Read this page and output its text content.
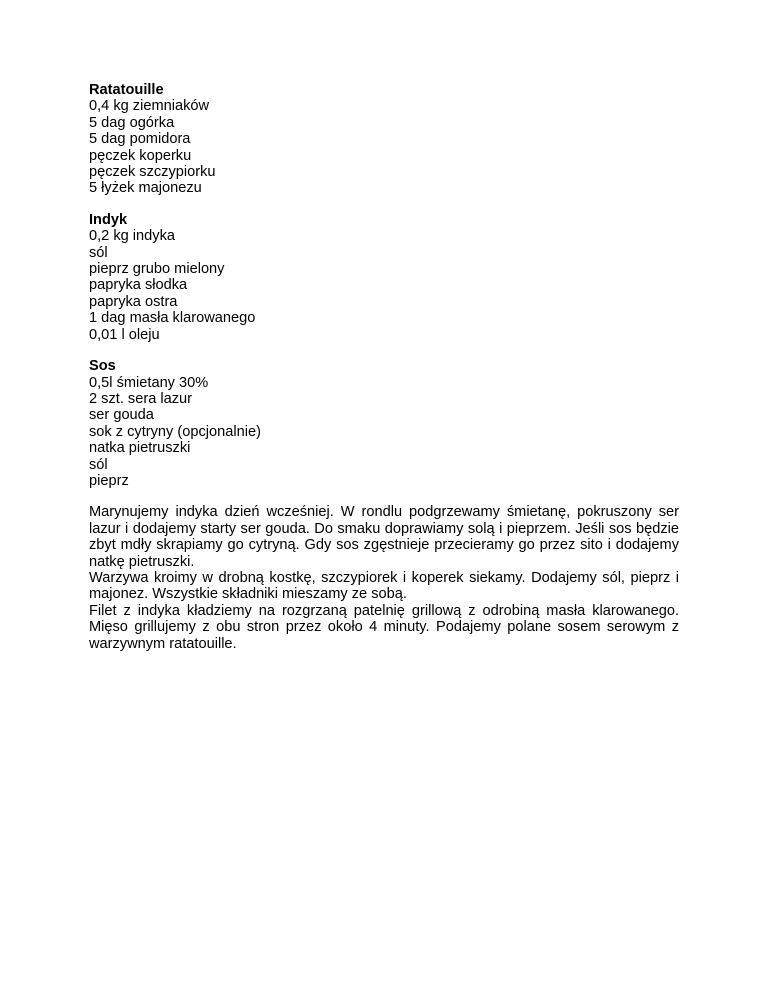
Ratatouille
0,4 kg ziemniaków
5 dag ogórka
5 dag pomidora
pęczek koperku
pęczek szczypiorku
5 łyżek majonezu
Indyk
0,2 kg indyka
sól
pieprz grubo mielony
papryka słodka
papryka ostra
1 dag masła klarowanego
0,01 l oleju
Sos
0,5l śmietany 30%
2 szt. sera lazur
ser gouda
sok z cytryny (opcjonalnie)
natka pietruszki
sól
pieprz

Marynujemy indyka dzień wcześniej. W rondlu podgrzewamy śmietanę, pokruszony ser lazur i dodajemy starty ser gouda. Do smaku doprawiamy solą i pieprzem. Jeśli sos będzie zbyt mdły skrapiamy go cytryną. Gdy sos zgęstnieje przecieramy go przez sito i dodajemy natkę pietruszki.

Warzywa kroimy w drobną kostkę, szczypiorek i koperek siekamy. Dodajemy sól, pieprz i majonez. Wszystkie składniki mieszamy ze sobą.

Filet z indyka kładziemy na rozgrzaną patelnię grillową z odrobiną masła klarowanego. Mięso grillujemy z obu stron przez około 4 minuty. Podajemy polane sosem serowym z warzywnym ratatouille.
